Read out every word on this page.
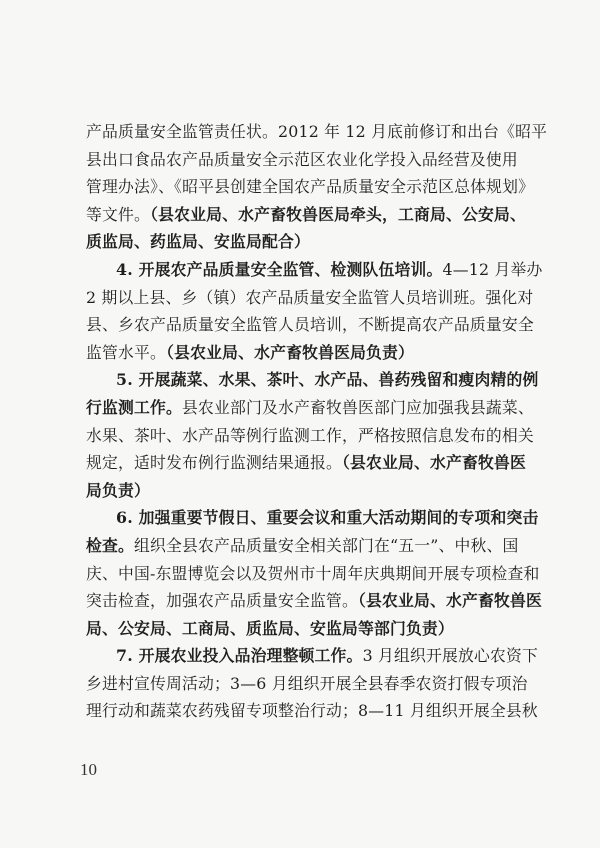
产品质量安全监管责任状。2012 年 12 月底前修订和出台《昭平
县出口食品农产品质量安全示范区农业化学投入品经营及使用
管理办法》、《昭平县创建全国农产品质量安全示范区总体规划》
等文件。（县农业局、水产畜牧兽医局牵头，工商局、公安局、
质监局、药监局、安监局配合）
4. 开展农产品质量安全监管、检测队伍培训。4—12 月举办
2 期以上县、乡（镇）农产品质量安全监管人员培训班。强化对
县、乡农产品质量安全监管人员培训，不断提高农产品质量安全
监管水平。（县农业局、水产畜牧兽医局负责）
5. 开展蔬菜、水果、茶叶、水产品、兽药残留和瘦肉精的例
行监测工作。县农业部门及水产畜牧兽医部门应加强我县蔬菜、
水果、茶叶、水产品等例行监测工作，严格按照信息发布的相关
规定，适时发布例行监测结果通报。（县农业局、水产畜牧兽医
局负责）
6. 加强重要节假日、重要会议和重大活动期间的专项和突击
检查。组织全县农产品质量安全相关部门在“五一”、中秋、国
庆、中国-东盟博览会以及贺州市十周年庆典期间开展专项检查和
突击检查，加强农产品质量安全监管。（县农业局、水产畜牧兽医
局、公安局、工商局、质监局、安监局等部门负责）
7. 开展农业投入品治理整顿工作。3 月组织开展放心农资下
乡进村宣传周活动；3—6 月组织开展全县春季农资打假专项治
理行动和蔬菜农药残留专项整治行动；8—11 月组织开展全县秋
10
